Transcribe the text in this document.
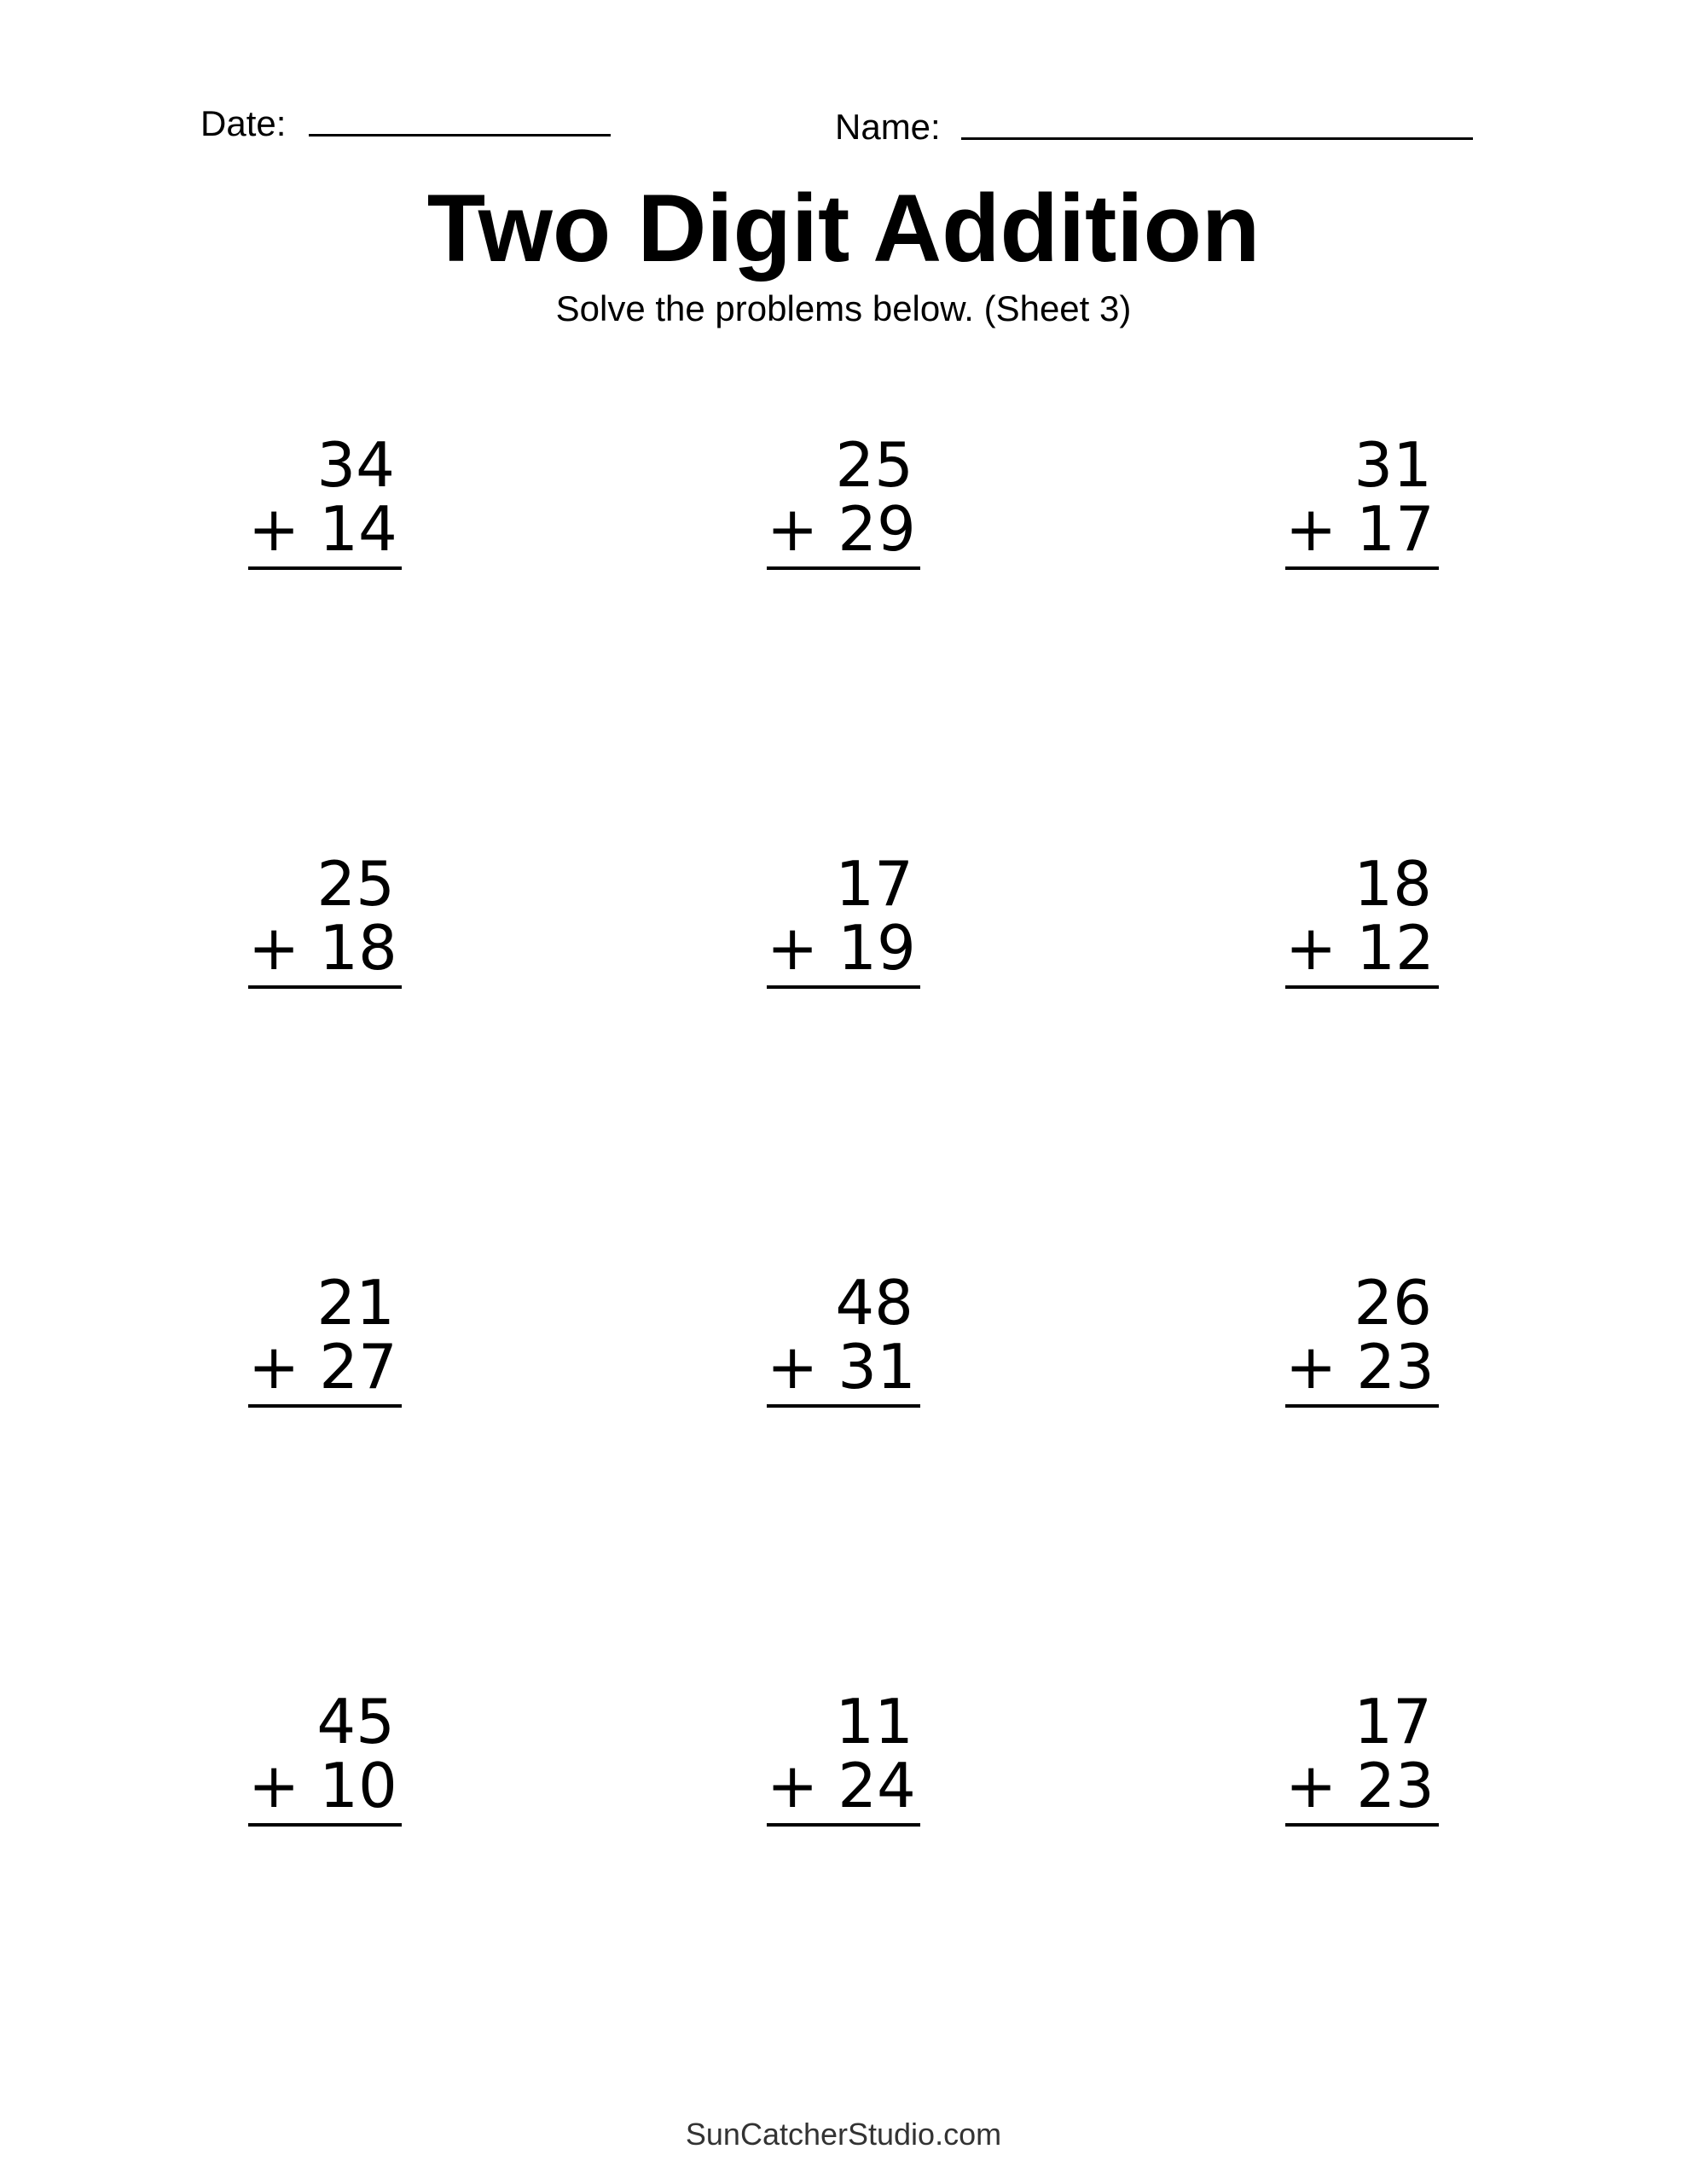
Date:	Name:
Two Digit Addition
Solve the problems below. (Sheet 3)
34
+ 14
25
+ 29
31
+ 17
25
+ 18
17
+ 19
18
+ 12
21
+ 27
48
+ 31
26
+ 23
45
+ 10
11
+ 24
17
+ 23
SunCatcherStudio.com
